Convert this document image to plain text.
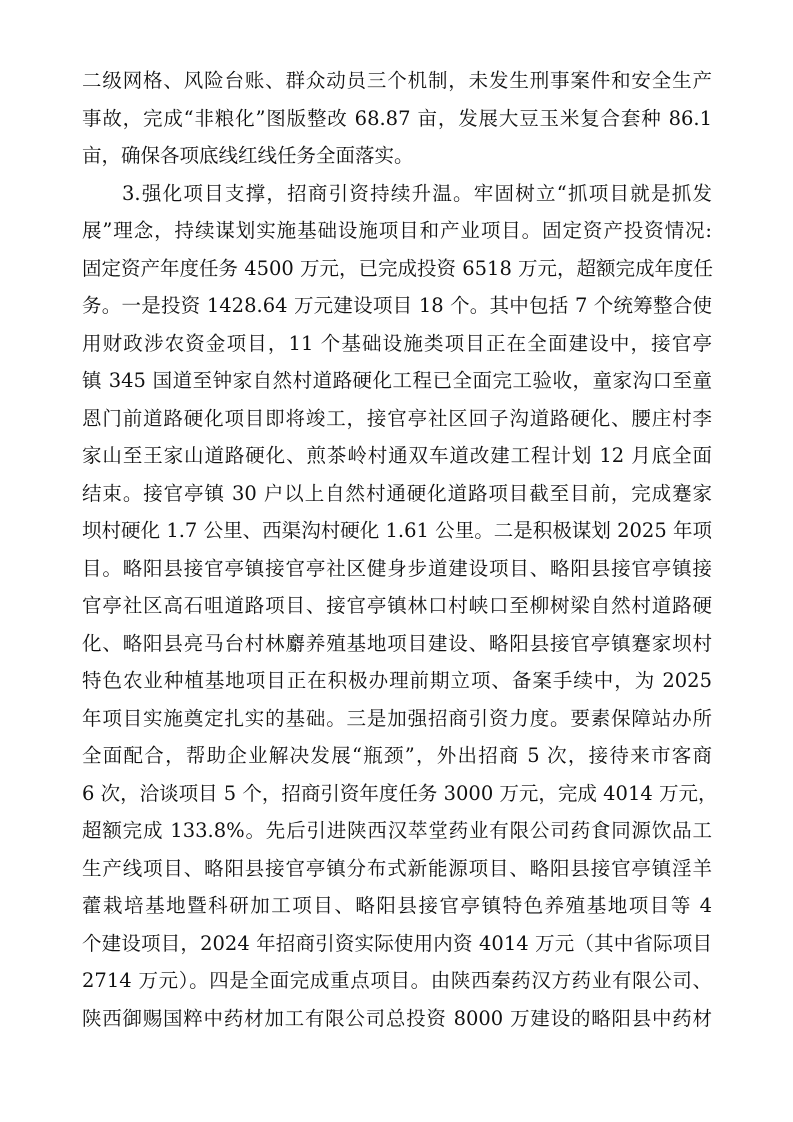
二级网格、风险台账、群众动员三个机制，未发生刑事案件和安全生产
事故，完成“非粮化”图版整改 68.87 亩，发展大豆玉米复合套种 86.1
亩，确保各项底线红线任务全面落实。
3.强化项目支撑，招商引资持续升温。牢固树立“抓项目就是抓发
展”理念，持续谋划实施基础设施项目和产业项目。固定资产投资情况:
固定资产年度任务 4500 万元，已完成投资 6518 万元，超额完成年度任
务。一是投资 1428.64 万元建设项目 18 个。其中包括 7 个统筹整合使
用财政涉农资金项目，11 个基础设施类项目正在全面建设中，接官亭
镇 345 国道至钟家自然村道路硬化工程已全面完工验收，童家沟口至童
恩门前道路硬化项目即将竣工，接官亭社区回子沟道路硬化、腰庄村李
家山至王家山道路硬化、煎茶岭村通双车道改建工程计划 12 月底全面
结束。接官亭镇 30 户以上自然村通硬化道路项目截至目前，完成蹇家
坝村硬化 1.7 公里、西渠沟村硬化 1.61 公里。二是积极谋划 2025 年项
目。略阳县接官亭镇接官亭社区健身步道建设项目、略阳县接官亭镇接
官亭社区高石咀道路项目、接官亭镇林口村峡口至柳树梁自然村道路硬
化、略阳县亮马台村林麝养殖基地项目建设、略阳县接官亭镇蹇家坝村
特色农业种植基地项目正在积极办理前期立项、备案手续中，为 2025
年项目实施奠定扎实的基础。三是加强招商引资力度。要素保障站办所
全面配合，帮助企业解决发展“瓶颈”，外出招商 5 次，接待来市客商
6 次，洽谈项目 5 个，招商引资年度任务 3000 万元，完成 4014 万元，
超额完成 133.8%。先后引进陕西汉萃堂药业有限公司药食同源饮品工
生产线项目、略阳县接官亭镇分布式新能源项目、略阳县接官亭镇淫羊
藿栽培基地暨科研加工项目、略阳县接官亭镇特色养殖基地项目等 4
个建设项目，2024 年招商引资实际使用内资 4014 万元（其中省际项目
2714 万元）。四是全面完成重点项目。由陕西秦药汉方药业有限公司、
陕西御赐国粹中药材加工有限公司总投资 8000 万建设的略阳县中药材
